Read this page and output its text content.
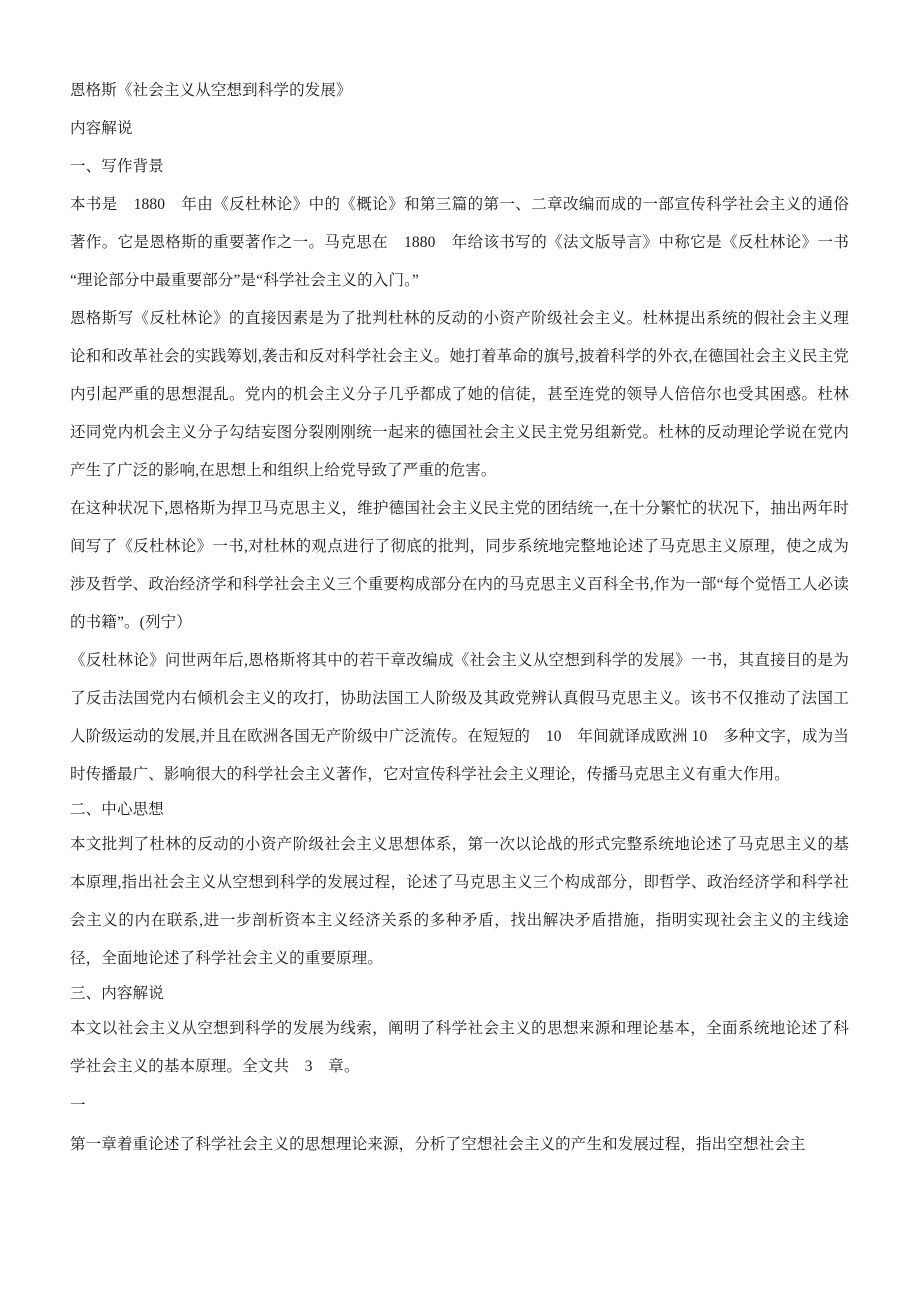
恩格斯《社会主义从空想到科学的发展》

内容解说

一、写作背景

本书是　1880　年由《反杜林论》中的《概论》和第三篇的第一、二章改编而成的一部宣传科学社会主义的通俗著作。它是恩格斯的重要著作之一。马克思在　1880　年给该书写的《法文版导言》中称它是《反杜林论》一书“理论部分中最重要部分”是“科学社会主义的入门。”

恩格斯写《反杜林论》的直接因素是为了批判杜林的反动的小资产阶级社会主义。杜林提出系统的假社会主义理论和和改革社会的实践筹划,袭击和反对科学社会主义。她打着革命的旗号,披着科学的外衣,在德国社会主义民主党内引起严重的思想混乱。党内的机会主义分子几乎都成了她的信徒，甚至连党的领导人倍倍尔也受其困惑。杜林还同党内机会主义分子勾结妄图分裂刚刚统一起来的德国社会主义民主党另组新党。杜林的反动理论学说在党内产生了广泛的影响,在思想上和组织上给党导致了严重的危害。

在这种状况下,恩格斯为捍卫马克思主义，维护德国社会主义民主党的团结统一,在十分繁忙的状况下，抽出两年时间写了《反杜林论》一书,对杜林的观点进行了彻底的批判，同步系统地完整地论述了马克思主义原理，使之成为涉及哲学、政治经济学和科学社会主义三个重要构成部分在内的马克思主义百科全书,作为一部“每个觉悟工人必读的书籍”。(列宁）

《反杜林论》问世两年后,恩格斯将其中的若干章改编成《社会主义从空想到科学的发展》一书，其直接目的是为了反击法国党内右倾机会主义的攻打，协助法国工人阶级及其政党辨认真假马克思主义。该书不仅推动了法国工人阶级运动的发展,并且在欧洲各国无产阶级中广泛流传。在短短的　10　年间就译成欧洲 10　多种文字，成为当时传播最广、影响很大的科学社会主义著作，它对宣传科学社会主义理论，传播马克思主义有重大作用。

二、中心思想

本文批判了杜林的反动的小资产阶级社会主义思想体系，第一次以论战的形式完整系统地论述了马克思主义的基本原理,指出社会主义从空想到科学的发展过程，论述了马克思主义三个构成部分，即哲学、政治经济学和科学社会主义的内在联系,进一步剖析资本主义经济关系的多种矛盾，找出解决矛盾措施，指明实现社会主义的主线途径，全面地论述了科学社会主义的重要原理。

三、内容解说

本文以社会主义从空想到科学的发展为线索，阐明了科学社会主义的思想来源和理论基本，全面系统地论述了科学社会主义的基本原理。全文共　3　章。

一

第一章着重论述了科学社会主义的思想理论来源，分析了空想社会主义的产生和发展过程，指出空想社会主
